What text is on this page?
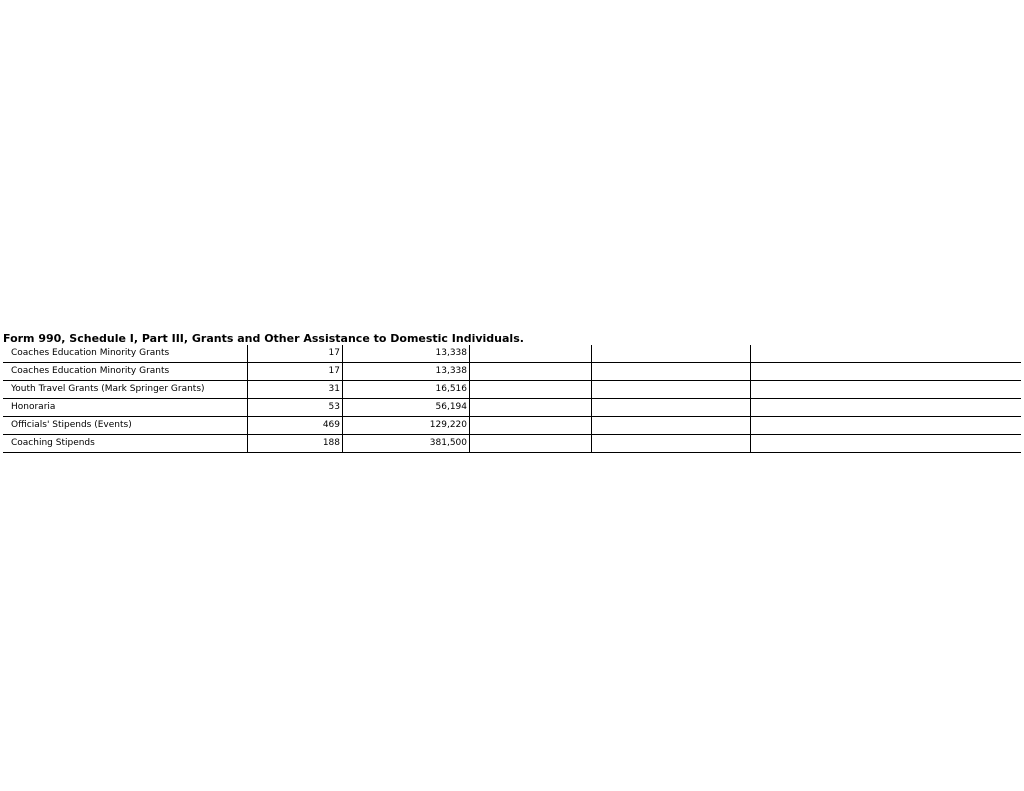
Form 990, Schedule I, Part III, Grants and Other Assistance to Domestic Individuals.
Coaches Education Minority Grants	17	13,338			
Coaches Education Minority Grants	17	13,338			
Youth Travel Grants (Mark Springer Grants)	31	16,516			
Honoraria	53	56,194			
Officials' Stipends (Events)	469	129,220			
Coaching Stipends	188	381,500			
